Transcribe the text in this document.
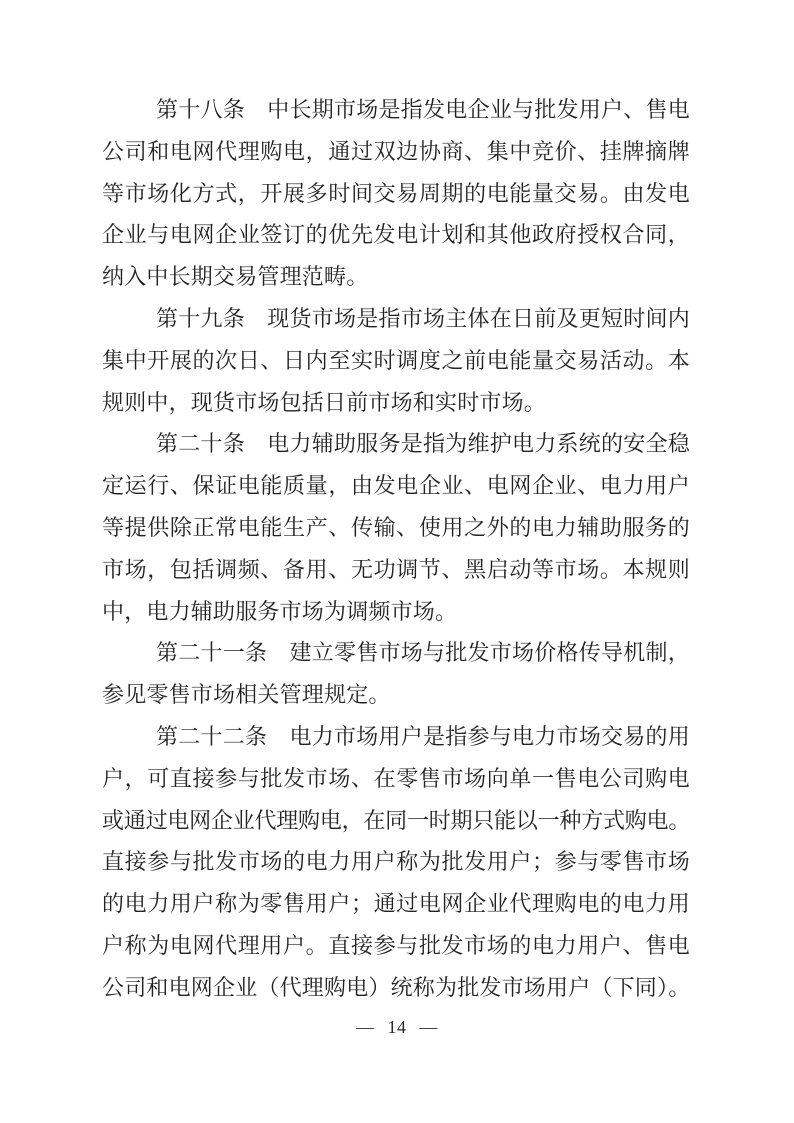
第十八条　中长期市场是指发电企业与批发用户、售电
公司和电网代理购电，通过双边协商、集中竞价、挂牌摘牌
等市场化方式，开展多时间交易周期的电能量交易。由发电
企业与电网企业签订的优先发电计划和其他政府授权合同，
纳入中长期交易管理范畴。
第十九条　现货市场是指市场主体在日前及更短时间内
集中开展的次日、日内至实时调度之前电能量交易活动。本
规则中，现货市场包括日前市场和实时市场。
第二十条　电力辅助服务是指为维护电力系统的安全稳
定运行、保证电能质量，由发电企业、电网企业、电力用户
等提供除正常电能生产、传输、使用之外的电力辅助服务的
市场，包括调频、备用、无功调节、黑启动等市场。本规则
中，电力辅助服务市场为调频市场。
第二十一条　建立零售市场与批发市场价格传导机制，
参见零售市场相关管理规定。
第二十二条　电力市场用户是指参与电力市场交易的用
户，可直接参与批发市场、在零售市场向单一售电公司购电
或通过电网企业代理购电，在同一时期只能以一种方式购电。
直接参与批发市场的电力用户称为批发用户；参与零售市场
的电力用户称为零售用户；通过电网企业代理购电的电力用
户称为电网代理用户。直接参与批发市场的电力用户、售电
公司和电网企业（代理购电）统称为批发市场用户（下同）。
— 14 —
